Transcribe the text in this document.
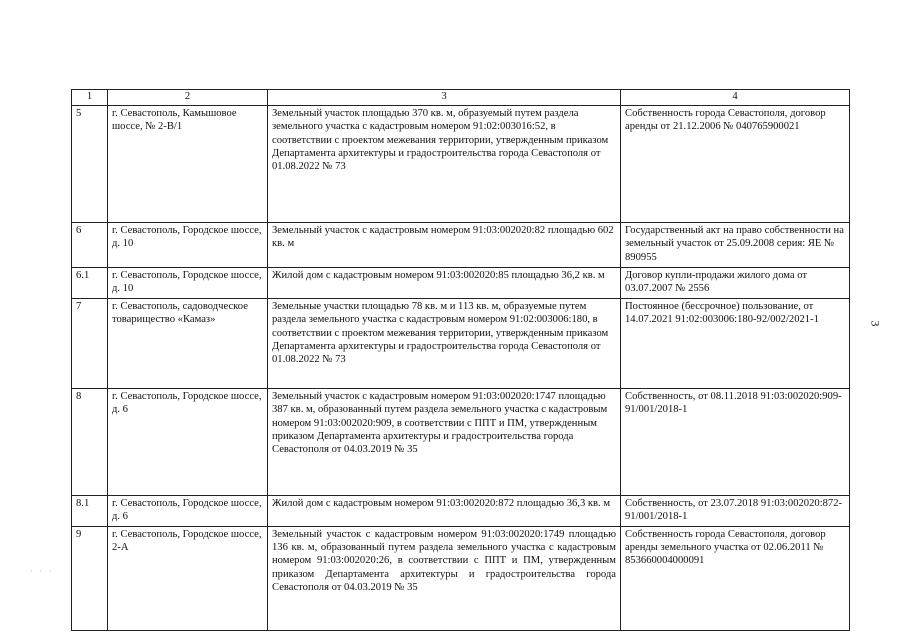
1	2	3	4
5	г. Севастополь, Камышовое шоссе, № 2-В/1	Земельный участок площадью 370 кв. м, образуемый путем раздела земельного участка с кадастровым номером 91:02:003016:52, в соответствии с проектом межевания территории, утвержденным приказом Департамента архитектуры и градостроительства города Севастополя от 01.08.2022 № 73	Собственность города Севастополя, договор аренды от 21.12.2006 № 040765900021
6	г. Севастополь, Городское шоссе, д. 10	Земельный участок с кадастровым номером 91:03:002020:82 площадью 602 кв. м	Государственный акт на право собственности на земельный участок от 25.09.2008 серия: ЯЕ № 890955
6.1	г. Севастополь, Городское шоссе, д. 10	Жилой дом с кадастровым номером 91:03:002020:85 площадью 36,2 кв. м	Договор купли-продажи жилого дома от 03.07.2007 № 2556
7	г. Севастополь, садоводческое товарищество «Камаз»	Земельные участки площадью 78 кв. м и 113 кв. м, образуемые путем раздела земельного участка с кадастровым номером 91:02:003006:180, в соответствии с проектом межевания территории, утвержденным приказом Департамента архитектуры и градостроительства города Севастополя от 01.08.2022 № 73	Постоянное (бессрочное) пользование, от 14.07.2021 91:02:003006:180-92/002/2021-1
8	г. Севастополь, Городское шоссе, д. 6	Земельный участок с кадастровым номером 91:03:002020:1747 площадью 387 кв. м, образованный путем раздела земельного участка с кадастровым номером 91:03:002020:909, в соответствии с ППТ и ПМ, утвержденным приказом Департамента архитектуры и градостроительства города Севастополя от 04.03.2019 № 35	Собственность, от 08.11.2018 91:03:002020:909-91/001/2018-1
8.1	г. Севастополь, Городское шоссе, д. 6	Жилой дом с кадастровым номером 91:03:002020:872 площадью 36,3 кв. м	Собственность, от 23.07.2018 91:03:002020:872-91/001/2018-1
9	г. Севастополь, Городское шоссе, 2-А	Земельный участок с кадастровым номером 91:03:002020:1749 площадью 136 кв. м, образованный путем раздела земельного участка с кадастровым номером 91:03:002020:26, в соответствии с ППТ и ПМ, утвержденным приказом Департамента архитектуры и градостроительства города Севастополя от 04.03.2019 № 35	Собственность города Севастополя, договор аренды земельного участка от 02.06.2011 № 853660004000091
3
· · ·
